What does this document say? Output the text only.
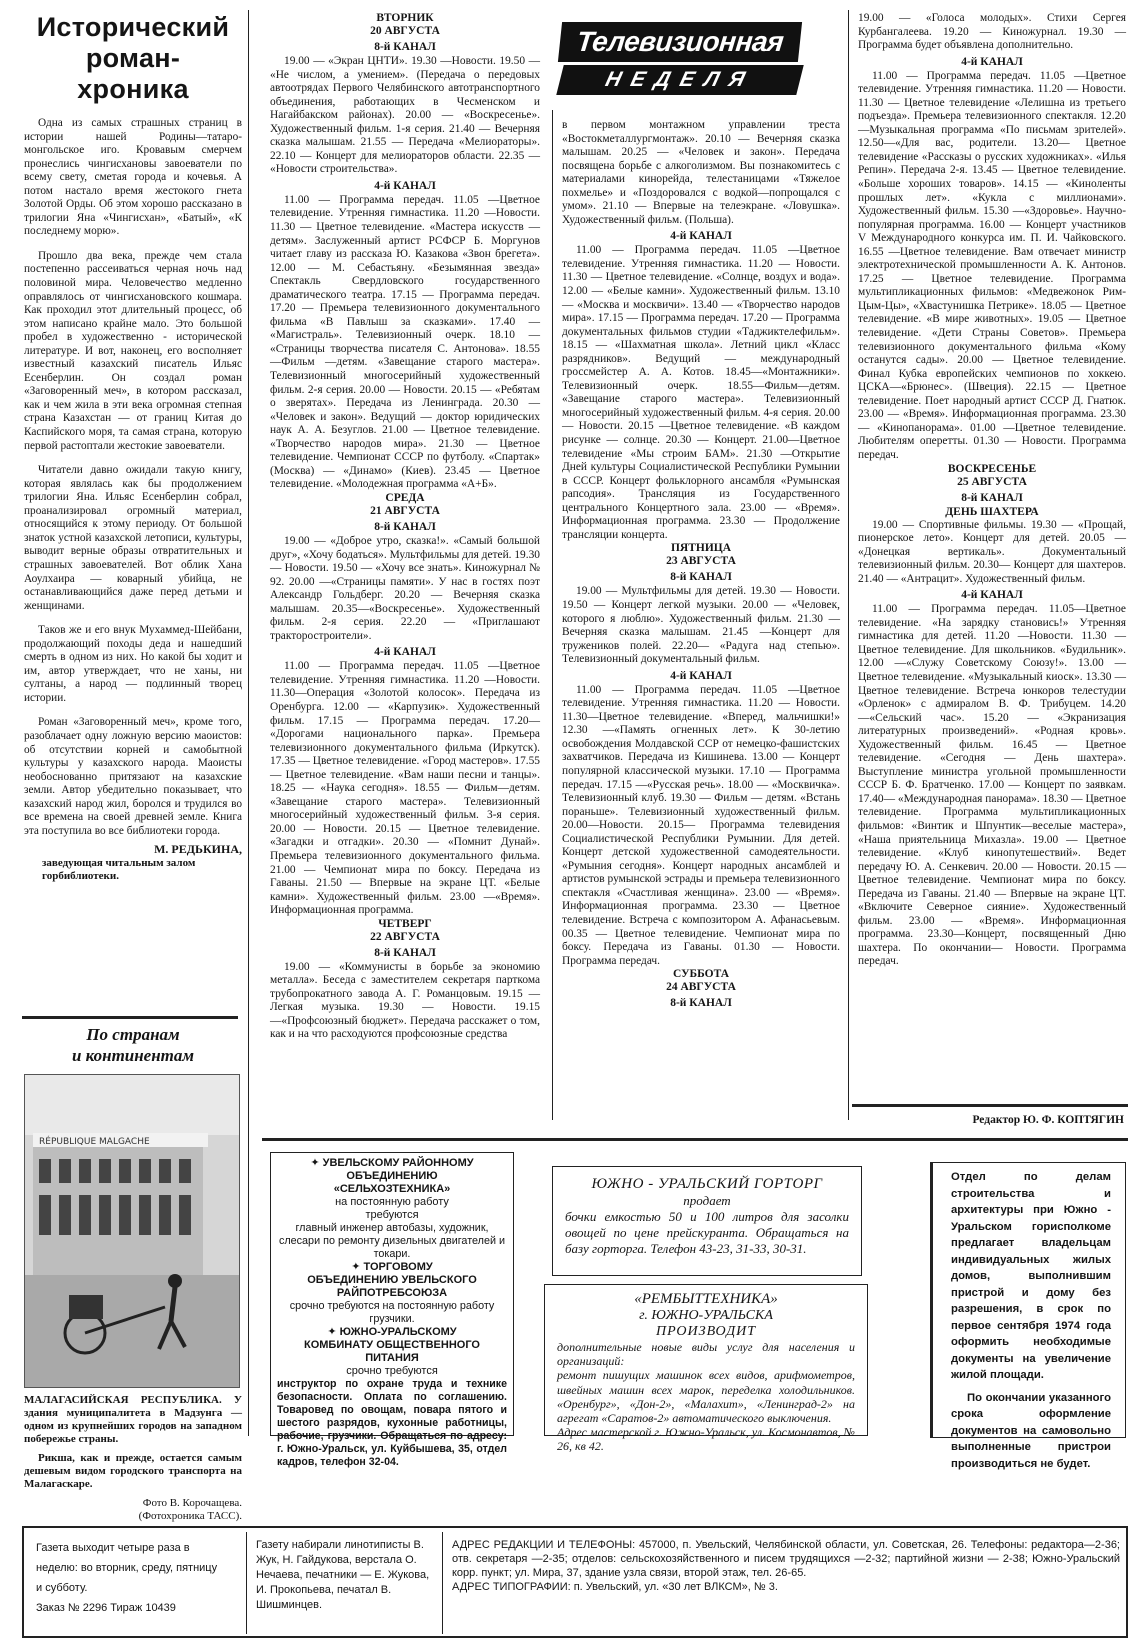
Исторический
роман-
хроника

Одна из самых страшных страниц в истории нашей Родины—татаро-монгольское иго. Кровавым смерчем пронеслись чингисхановы завоеватели по всему свету, сметая города и кочевья. А потом настало время жестокого гнета Золотой Орды. Об этом хорошо рассказано в трилогии Яна «Чингисхан», «Батый», «К последнему морю».

Прошло два века, прежде чем стала постепенно рассеиваться черная ночь над половиной мира. Человечество медленно оправлялось от чингисхановского кошмара. Как проходил этот длительный процесс, об этом написано крайне мало. Это большой пробел в художественно - исторической литературе. И вот, наконец, его восполняет известный казахский писатель Ильяс Есенберлин. Он создал роман «Заговоренный меч», в котором рассказал, как и чем жила в эти века огромная степная страна Казахстан — от границ Китая до Каспийского моря, та самая страна, которую первой растоптали жестокие завоеватели.

Читатели давно ожидали такую книгу, которая являлась как бы продолжением трилогии Яна. Ильяс Есенберлин собрал, проанализировал огромный материал, относящийся к этому периоду. От большой знаток устной казахской летописи, культуры, выводит верные образы отвратительных и страшных завоевателей. Вот облик Хана Аоулхаира — коварный убийца, не останавливающийся даже перед детьми и женщинами.

Таков же и его внук Мухаммед-Шейбани, продолжающий походы деда и нашедший смерть в одном из них. Но какой бы ходит и им, автор утверждает, что не ханы, ни султаны, а народ — подлинный творец истории.

Роман «Заговоренный меч», кроме того, разоблачает одну ложную версию маоистов: об отсутствии корней и самобытной культуры у казахского народа. Маоисты необоснованно притязают на казахские земли. Автор убедительно показывает, что казахский народ жил, боролся и трудился во все времена на своей древней земле. Книга эта поступила во все библиотеки города.

М. РЕДЬКИНА,
заведующая читальным залом горбиблиотеки.
По странам
и континентам
RÉPUBLIQUE MALGACHE

МАЛАГАСИЙСКАЯ РЕСПУБЛИКА. У здания муниципалитета в Мадзунга —одном из крупнейших городов на западном побережье страны.

Рикша, как и прежде, остается самым дешевым видом городского транспорта на Малагаскаре.

Фото В. Корочащева.
(Фотохроника ТАСС).
Телевизионная
НЕДЕЛЯ
ВТОРНИК
20 АВГУСТА
8-й КАНАЛ
19.00 — «Экран ЦНТИ». 19.30 —Новости. 19.50 — «Не числом, а умением». (Передача о передовых автоотрядах Первого Челябинского автотранспортного объединения, работающих в Чесменском и Нагайбакском районах). 20.00 — «Воскресенье». Художественный фильм. 1-я серия. 21.40 — Вечерняя сказка малышам. 21.55 — Передача «Мелиораторы». 22.10 — Концерт для мелиораторов области. 22.35 — «Новости строительства».
4-й КАНАЛ
11.00 — Программа передач. 11.05 —Цветное телевидение. Утренняя гимнастика. 11.20 —Новости. 11.30 — Цветное телевидение. «Мастера искусств — детям». Заслуженный артист РСФСР Б. Моргунов читает главу из рассказа Ю. Казакова «Звон брегета». 12.00 — М. Себастьяну. «Безымянная звезда» Спектакль Свердловского государственного драматического театра. 17.15 — Программа передач. 17.20 — Премьера телевизионного документального фильма «В Павлыш за сказками». 17.40 — «Магистраль». Телевизионный очерк. 18.10 — «Страницы творчества писателя С. Антонова». 18.55 —Фильм —детям. «Завещание старого мастера». Телевизионный многосерийный художественный фильм. 2-я серия. 20.00 — Новости. 20.15 — «Ребятам о зверятах». Передача из Ленинграда. 20.30 — «Человек и закон». Ведущий — доктор юридических наук А. А. Безуглов. 21.00 — Цветное телевидение. «Творчество народов мира». 21.30 — Цветное телевидение. Чемпионат СССР по футболу. «Спартак» (Москва) — «Динамо» (Киев). 23.45 — Цветное телевидение. «Молодежная программа «А+Б».
СРЕДА
21 АВГУСТА
8-й КАНАЛ
19.00 — «Доброе утро, сказка!». «Самый большой друг», «Хочу бодаться». Мультфильмы для детей. 19.30 — Новости. 19.50 — «Хочу все знать». Киножурнал № 92. 20.00 —«Страницы памяти». У нас в гостях поэт Александр Гольдберг. 20.20 — Вечерняя сказка малышам. 20.35—«Воскресенье». Художественный фильм. 2-я серия. 22.20 — «Приглашают тракторостроители».
4-й КАНАЛ
11.00 — Программа передач. 11.05 —Цветное телевидение. Утренняя гимнастика. 11.20 —Новости. 11.30—Операция «Золотой колосок». Передача из Оренбурга. 12.00 — «Карпузик». Художественный фильм. 17.15 — Программа передач. 17.20— «Дорогами национального парка». Премьера телевизионного документального фильма (Иркутск). 17.35 — Цветное телевидение. «Город мастеров». 17.55 — Цветное телевидение. «Вам наши песни и танцы». 18.25 — «Наука сегодня». 18.55 — Фильм—детям. «Завещание старого мастера». Телевизионный многосерийный художественный фильм. 3-я серия. 20.00 — Новости. 20.15 — Цветное телевидение. «Загадки и отгадки». 20.30 — «Помнит Дунай». Премьера телевизионного документального фильма. 21.00 — Чемпионат мира по боксу. Передача из Гаваны. 21.50 — Впервые на экране ЦТ. «Белые камни». Художественный фильм. 23.00 —«Время». Информационная программа.
ЧЕТВЕРГ
22 АВГУСТА
8-й КАНАЛ
19.00 — «Коммунисты в борьбе за экономию металла». Беседа с заместителем секретаря парткома трубопрокатного завода А. Г. Романцовым. 19.15 — Легкая музыка. 19.30 — Новости. 19.15 —«Профсоюзный бюджет». Передача расскажет о том, как и на что расходуются профсоюзные средства
в первом монтажном управлении треста «Востокметаллургмонтаж». 20.10 — Вечерняя сказка малышам. 20.25 — «Человек и закон». Передача посвящена борьбе с алкоголизмом. Вы познакомитесь с материалами кинорейда, телестаницами «Тяжелое похмелье» и «Поздоровался с водкой—попрощался с умом». 21.10 — Впервые на телеэкране. «Ловушка». Художественный фильм. (Польша).
4-й КАНАЛ
11.00 — Программа передач. 11.05 —Цветное телевидение. Утренняя гимнастика. 11.20 — Новости. 11.30 — Цветное телевидение. «Солнце, воздух и вода». 12.00 — «Белые камни». Художественный фильм. 13.10 — «Москва и москвичи». 13.40 — «Творчество народов мира». 17.15 — Программа передач. 17.20 — Программа документальных фильмов студии «Таджиктелефильм». 18.15 — «Шахматная школа». Летний цикл «Класс разрядников». Ведущий — международный гроссмейстер А. А. Котов. 18.45—«Монтажники». Телевизионный очерк. 18.55—Фильм—детям. «Завещание старого мастера». Телевизионный многосерийный художественный фильм. 4-я серия. 20.00 — Новости. 20.15 —Цветное телевидение. «В каждом рисунке — солнце. 20.30 — Концерт. 21.00—Цветное телевидение «Мы строим БАМ». 21.30 —Открытие Дней культуры Социалистической Республики Румынии в СССР. Концерт фольклорного ансамбля «Румынская рапсодия». Трансляция из Государственного центрального Концертного зала. 23.00 — «Время». Информационная программа. 23.30 — Продолжение трансляции концерта.
ПЯТНИЦА
23 АВГУСТА
8-й КАНАЛ
19.00 — Мультфильмы для детей. 19.30 — Новости. 19.50 — Концерт легкой музыки. 20.00 — «Человек, которого я люблю». Художественный фильм. 21.30 — Вечерняя сказка малышам. 21.45 —Концерт для тружеников полей. 22.20— «Радуга над степью». Телевизионный документальный фильм.
4-й КАНАЛ
11.00 — Программа передач. 11.05 —Цветное телевидение. Утренняя гимнастика. 11.20 — Новости. 11.30—Цветное телевидение. «Вперед, мальчишки!» 12.30 —«Память огненных лет». К 30-летию освобождения Молдавской ССР от немецко-фашистских захватчиков. Передача из Кишинева. 13.00 — Концерт популярной классической музыки. 17.10 — Программа передач. 17.15 —«Русская речь». 18.00 — «Москвичка». Телевизионный клуб. 19.30 — Фильм — детям. «Встань пораньше». Телевизионный художественный фильм. 20.00—Новости. 20.15— Программа телевидения Социалистической Республики Румынии. Для детей. Концерт детской художественной самодеятельности. «Румыния сегодня». Концерт народных ансамблей и артистов румынской эстрады и премьера телевизионного спектакля «Счастливая женщина». 23.00 — «Время». Информационная программа. 23.30 — Цветное телевидение. Встреча с композитором А. Афанасьевым. 00.35 — Цветное телевидение. Чемпионат мира по боксу. Передача из Гаваны. 01.30 — Новости. Программа передач.
СУББОТА
24 АВГУСТА
8-й КАНАЛ
19.00 — «Голоса молодых». Стихи Сергея Курбангалеева. 19.20 — Киножурнал. 19.30 —Программа будет объявлена дополнительно.
4-й КАНАЛ
11.00 — Программа передач. 11.05 —Цветное телевидение. Утренняя гимнастика. 11.20 — Новости. 11.30 — Цветное телевидение «Лелишна из третьего подъезда». Премьера телевизионного спектакля. 12.20 —Музыкальная программа «По письмам зрителей». 12.50—«Для вас, родители. 13.20— Цветное телевидение «Рассказы о русских художниках». «Илья Репин». Передача 2-я. 13.45 — Цветное телевидение. «Больше хороших товаров». 14.15 — «Киноленты прошлых лет». «Кукла с миллионами». Художественный фильм. 15.30 —«Здоровье». Научно-популярная программа. 16.00 — Концерт участников V Международного конкурса им. П. И. Чайковского. 16.55 —Цветное телевидение. Вам отвечает министр электротехнической промышленности А. К. Антонов. 17.25 — Цветное телевидение. Программа мультипликационных фильмов: «Медвежонок Рим-Цым-Цы», «Хвастунишка Петрике». 18.05 — Цветное телевидение. «В мире животных». 19.05 — Цветное телевидение. «Дети Страны Советов». Премьера телевизионного документального фильма «Кому останутся сады». 20.00 — Цветное телевидение. Финал Кубка европейских чемпионов по хоккею. ЦСКА—«Брюнес». (Швеция). 22.15 — Цветное телевидение. Поет народный артист СССР Д. Гнатюк. 23.00 — «Время». Информационная программа. 23.30 — «Кинопанорама». 01.00 —Цветное телевидение. Любителям оперетты. 01.30 — Новости. Программа передач.
ВОСКРЕСЕНЬЕ
25 АВГУСТА
8-й КАНАЛ
ДЕНЬ ШАХТЕРА
19.00 — Спортивные фильмы. 19.30 — «Прощай, пионерское лето». Концерт для детей. 20.05 — «Донецкая вертикаль». Документальный телевизионный фильм. 20.30— Концерт для шахтеров. 21.40 — «Антрацит». Художественный фильм.
4-й КАНАЛ
11.00 — Программа передач. 11.05—Цветное телевидение. «На зарядку становись!» Утренняя гимнастика для детей. 11.20 —Новости. 11.30 — Цветное телевидение. Для школьников. «Будильник». 12.00 —«Служу Советскому Союзу!». 13.00 — Цветное телевидение. «Музыкальный киоск». 13.30 — Цветное телевидение. Встреча юнкоров телестудии «Орленок» с адмиралом В. Ф. Трибуцем. 14.20—«Сельский час». 15.20 — «Экранизация литературных произведений». «Родная кровь». Художественный фильм. 16.45 — Цветное телевидение. «Сегодня — День шахтера». Выступление министра угольной промышленности СССР Б. Ф. Братченко. 17.00 — Концерт по заявкам. 17.40— «Международная панорама». 18.30 — Цветное телевидение. Программа мультипликационных фильмов: «Винтик и Шпунтик—веселые мастера», «Наша приятельница Михазла». 19.00 — Цветное телевидение. «Клуб кинопутешествий». Ведет передачу Ю. А. Сенкевич. 20.00 — Новости. 20.15 — Цветное телевидение. Чемпионат мира по боксу. Передача из Гаваны. 21.40 — Впервые на экране ЦТ. «Включите Северное сияние». Художественный фильм. 23.00 — «Время». Информационная программа. 23.30—Концерт, посвященный Дню шахтера. По окончании— Новости. Программа передач.
Редактор Ю. Ф. КОПТЯГИН
✦ УВЕЛЬСКОМУ РАЙОННОМУ
ОБЪЕДИНЕНИЮ
«СЕЛЬХОЗТЕХНИКА»
на постоянную работу
требуются
главный инженер автобазы, художник, слесари по ремонту дизельных двигателей и токари.
✦ ТОРГОВОМУ
ОБЪЕДИНЕНИЮ УВЕЛЬСКОГО
РАЙПОТРЕБСОЮЗА
срочно требуются на постоянную работу грузчики.
✦ ЮЖНО-УРАЛЬСКОМУ
КОМБИНАТУ ОБЩЕСТВЕННОГО
ПИТАНИЯ
срочно требуются
инструктор по охране труда и технике безопасности. Оплата по соглашению. Товаровед по овощам, повара пятого и шестого разрядов, кухонные работницы, рабочие, грузчики. Обращаться по адресу: г. Южно-Уральск, ул. Куйбышева, 35, отдел кадров, телефон 32-04.
ЮЖНО - УРАЛЬСКИЙ ГОРТОРГ
продает
бочки емкостью 50 и 100 литров для засолки овощей по цене прейскуранта. Обращаться на базу горторга. Телефон 43-23, 31-33, 30-31.
«РЕМБЫТТЕХНИКА»
г. ЮЖНО-УРАЛЬСКА
ПРОИЗВОДИТ
дополнительные новые виды услуг для населения и организаций:
ремонт пишущих машинок всех видов, арифмометров, швейных машин всех марок, переделка холодильников. «Оренбург», «Дон-2», «Малахит», «Ленинград-2» на агрегат «Саратов-2» автоматического выключения.
Адрес мастерской г. Южно-Уральск, ул. Космонавтов, № 26, кв 42.
Отдел по делам строительства и архитектуры при Южно - Уральском горисполкоме предлагает владельцам индивидуальных жилых домов, выполнившим пристрой и дому без разрешения, в срок по первое сентября 1974 года оформить необходимые документы на увеличение жилой площади.
По окончании указанного срока оформление документов на самовольно выполненные пристрои производиться не будет.
Газета выходит четыре раза в неделю: во вторник, среду, пятницу и субботу.
Заказ № 2296 Тираж 10439
Газету набирали линотиписты В. Жук, Н. Гайдукова, верстала О. Нечаева, печатники — Е. Жукова, И. Прокопьева, печатал В. Шишминцев.
АДРЕС РЕДАКЦИИ И ТЕЛЕФОНЫ: 457000, п. Увельский, Челябинской области, ул. Советская, 26. Телефоны: редактора—2-36; отв. секретаря —2-35; отделов: сельскохозяйственного и писем трудящихся —2-32; партийной жизни — 2-38; Южно-Уральский корр. пункт; ул. Мира, 37, здание узла связи, второй этаж, тел. 26-65.
АДРЕС ТИПОГРАФИИ: п. Увельский, ул. «30 лет ВЛКСМ», № 3.
